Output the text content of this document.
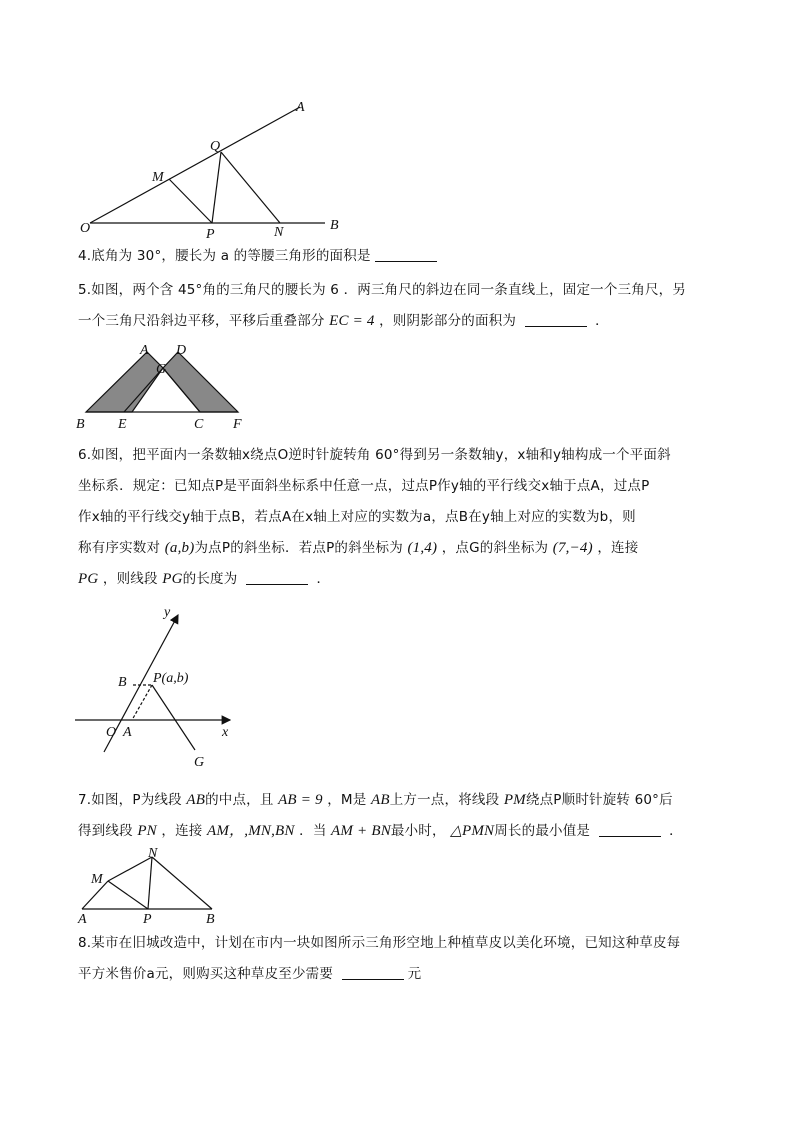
A
Q
M
O	P	N	B

4.底角为 30°，腰长为 a 的等腰三角形的面积是

5.如图，两个含 45°角的三角尺的腰长为 6 ．两三角尺的斜边在同一条直线上，固定一个三角尺，另

一个三角尺沿斜边平移，平移后重叠部分 EC = 4 ，则阴影部分的面积为	．

A D
G
B E	C F

6.如图，把平面内一条数轴x绕点O逆时针旋转角 60°得到另一条数轴y，x轴和y轴构成一个平面斜

坐标系．规定：已知点P是平面斜坐标系中任意一点，过点P作y轴的平行线交x轴于点A，过点P

作x轴的平行线交y轴于点B，若点A在x轴上对应的实数为a，点B在y轴上对应的实数为b，则

称有序实数对 (a,b)为点P的斜坐标．若点P的斜坐标为 (1,4) ，点G的斜坐标为 (7,−4) ，连接

PG ，则线段 PG的长度为	．

y
B P(a,b)
O A	x
G

7.如图，P为线段 AB的中点，且 AB = 9 ，M是 AB上方一点，将线段 PM绕点P顺时针旋转 60°后

得到线段 PN ，连接 AM，,MN,BN ．当 AM + BN最小时， △PMN周长的最小值是	．

N
M
A	P	B

8.某市在旧城改造中，计划在市内一块如图所示三角形空地上种植草皮以美化环境，已知这种草皮每

平方米售价a元，则购买这种草皮至少需要	元
